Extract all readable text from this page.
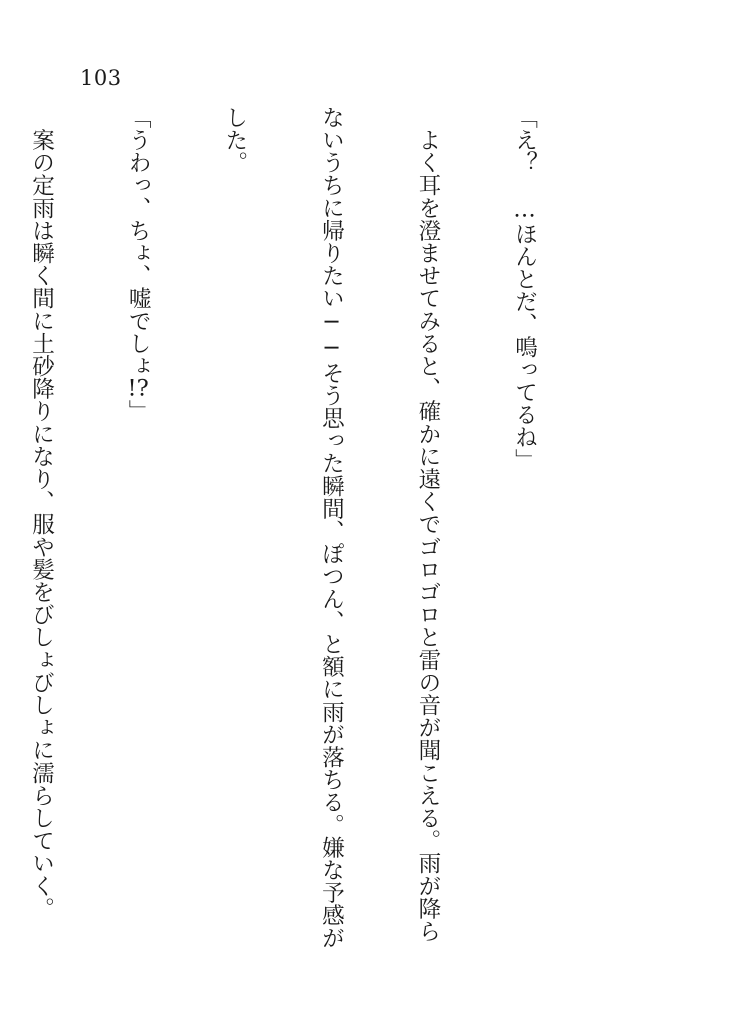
103

「え？　…ほんとだ、鳴ってるね」

　よく耳を澄ませてみると、確かに遠くでゴロゴロと雷の音が聞こえる。雨が降ら

ないうちに帰りたい──そう思った瞬間、ぽつん、と額に雨が落ちる。嫌な予感が

した。

「うわっ、ちょ、嘘でしょ!?」

　案の定雨は瞬く間に土砂降りになり、服や髪をびしょびしょに濡らしていく。
